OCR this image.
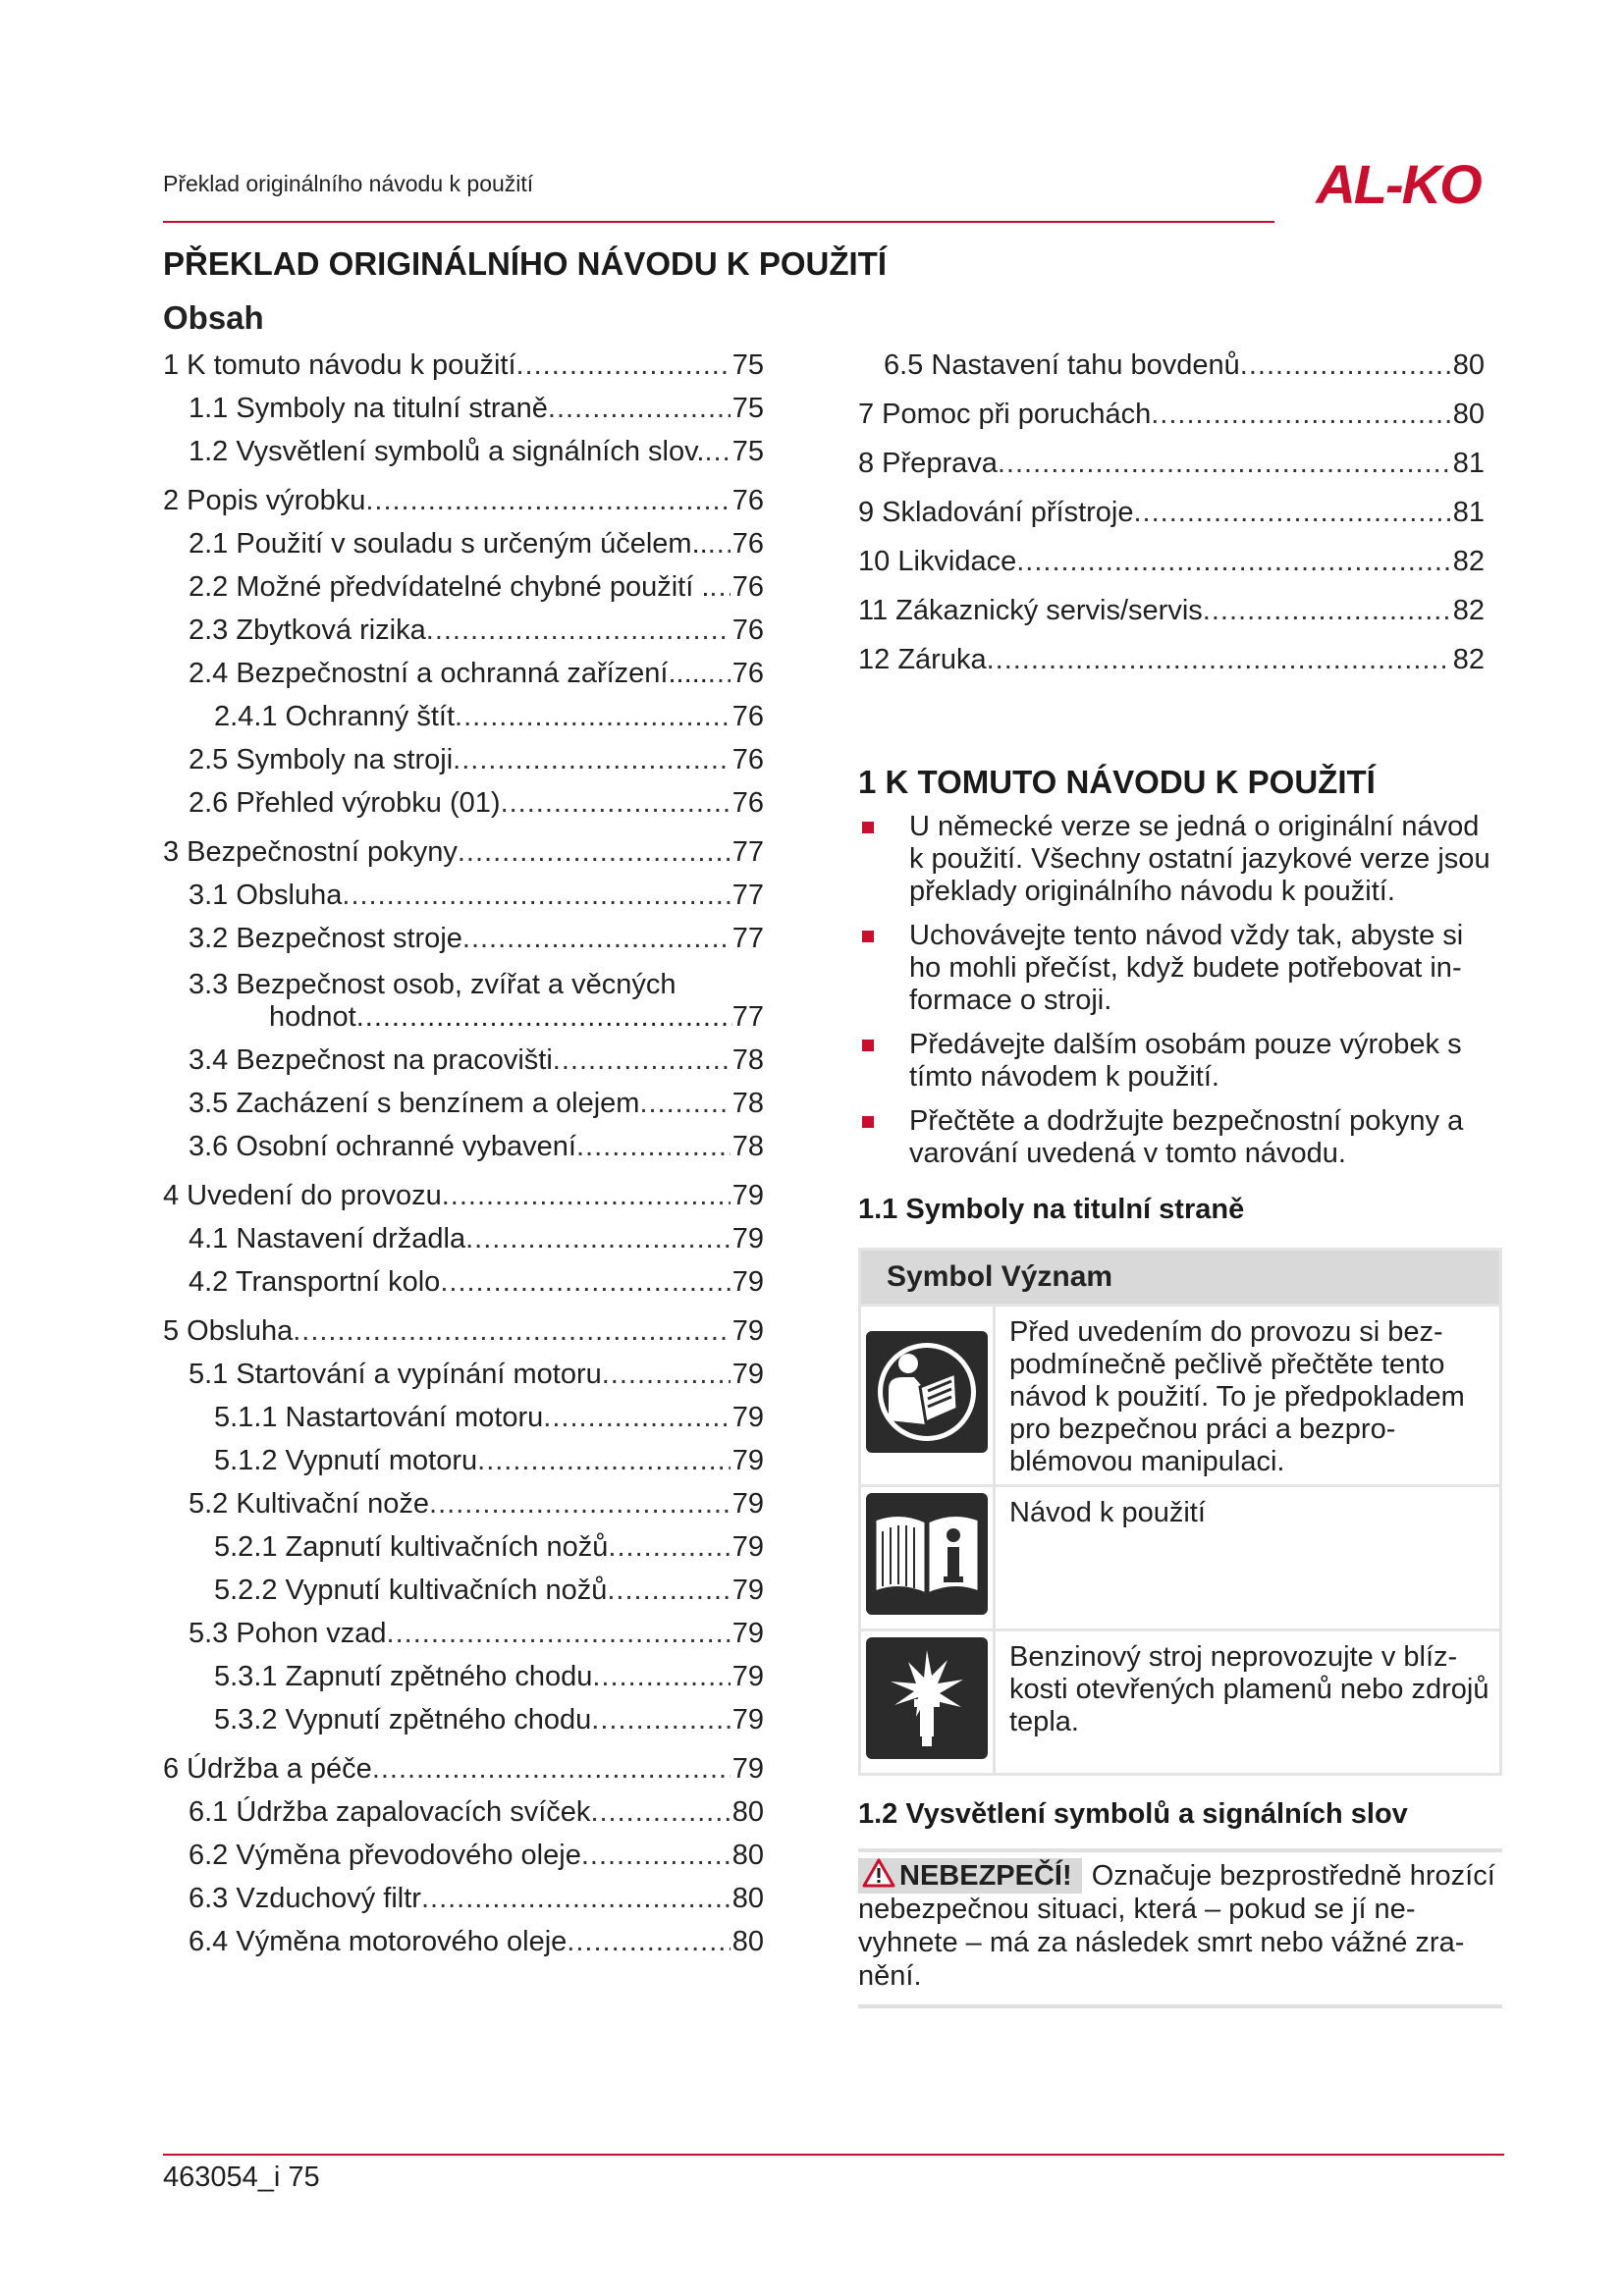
Překlad originálního návodu k použití	AL-KO
PŘEKLAD ORIGINÁLNÍHO NÁVODU K POUŽITÍ
Obsah
1 K tomuto návodu k použití .....	75
1.1 Symboly na titulní straně .....	75
1.2 Vysvětlení symbolů a signálních slov. ..... 75
2 Popis výrobku .....	76
2.1 Použití v souladu s určeným účelem.. ..... 76
2.2 Možné předvídatelné chybné použití . ..... 76
2.3 Zbytková rizika .....	76
2.4 Bezpečnostní a ochranná zařízení..... ..... 76
2.4.1 Ochranný štít .....	76
2.5 Symboly na stroji .....	76
2.6 Přehled výrobku (01) .....	76
3 Bezpečnostní pokyny .....	77
3.1 Obsluha .....	77
3.2 Bezpečnost stroje .....	77
3.3 Bezpečnost osob, zvířat a věcných
hodnot .....	77
3.4 Bezpečnost na pracovišti .....	78
3.5 Zacházení s benzínem a olejem .....	78
3.6 Osobní ochranné vybavení .....	78
4 Uvedení do provozu .....	79
4.1 Nastavení držadla .....	79
4.2 Transportní kolo .....	79
5 Obsluha .....	79
5.1 Startování a vypínání motoru .....	79
5.1.1 Nastartování motoru .....	79
5.1.2 Vypnutí motoru .....	79
5.2 Kultivační nože .....	79
5.2.1 Zapnutí kultivačních nožů .....	79
5.2.2 Vypnutí kultivačních nožů .....	79
5.3 Pohon vzad .....	79
5.3.1 Zapnutí zpětného chodu .....	79
5.3.2 Vypnutí zpětného chodu .....	79
6 Údržba a péče .....	79
6.1 Údržba zapalovacích svíček .....	80
6.2 Výměna převodového oleje .....	80
6.3 Vzduchový filtr .....	80
6.4 Výměna motorového oleje .....	80
6.5 Nastavení tahu bovdenů .....	80
7 Pomoc při poruchách .....	80
8 Přeprava .....	81
9 Skladování přístroje .....	81
10 Likvidace .....	82
11 Zákaznický servis/servis .....	82
12 Záruka .....	82
1 K TOMUTO NÁVODU K POUŽITÍ
U německé verze se jedná o originální návod k použití. Všechny ostatní jazykové verze jsou překlady originálního návodu k použití.
Uchovávejte tento návod vždy tak, abyste si ho mohli přečíst, když budete potřebovat informace o stroji.
Předávejte dalším osobám pouze výrobek s tímto návodem k použití.
Přečtěte a dodržujte bezpečnostní pokyny a varování uvedená v tomto návodu.
1.1 Symboly na titulní straně
Symbol Význam	
	Před uvedením do provozu si bezpodmínečně pečlivě přečtěte tento návod k použití. To je předpokladem pro bezpečnou práci a bezproblémovou manipulaci.
	Návod k použití
	Benzinový stroj neprovozujte v blízkosti otevřených plamenů nebo zdrojů tepla.
1.2 Vysvětlení symbolů a signálních slov
NEBEZPEČÍ! Označuje bezprostředně hrozící nebezpečnou situaci, která – pokud se jí nevyhnete – má za následek smrt nebo vážné zranění.
463054_i 75
